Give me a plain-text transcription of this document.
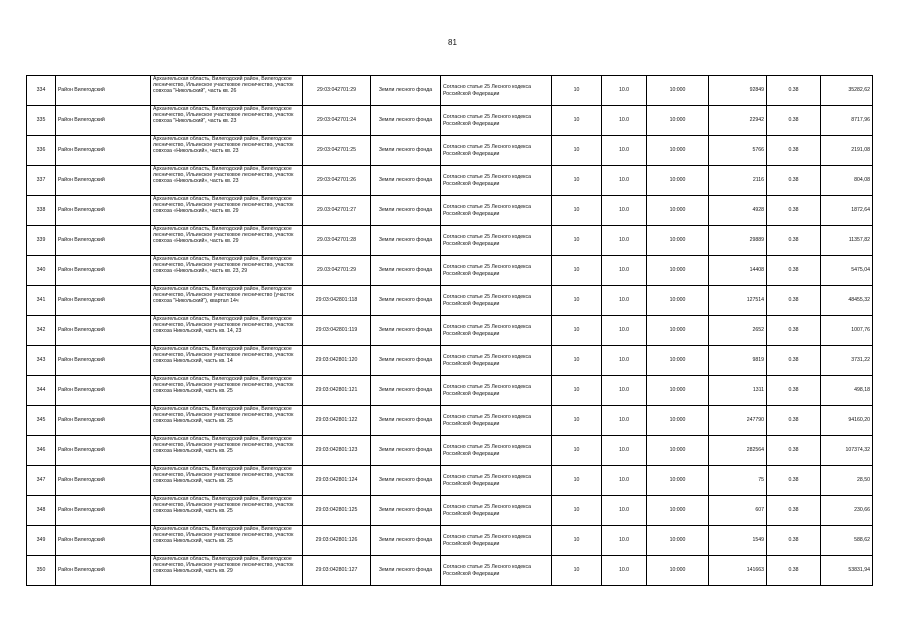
81
334	Район Вилегодский	Архангельская область, Вилегодский район, Вилегодское лесничество, Ильинское участковое лесничество, участок совхоза "Никольский", часть кв. 26	29:03:042701:29	Земли лесного фонда	Согласно статье 25 Лесного кодекса Российской Федерации	10	10.0	10:000	92849	0.38	35282,62
335	Район Вилегодский	Архангельская область, Вилегодский район, Вилегодское лесничество, Ильинское участковое лесничество, участок совхоза "Никольский", часть кв. 23	29:03:042701:24	Земли лесного фонда	Согласно статье 25 Лесного кодекса Российской Федерации	10	10.0	10:000	22942	0.38	8717,96
336	Район Вилегодский	Архангельская область, Вилегодский район, Вилегодское лесничество, Ильинское участковое лесничество, участок совхоза «Никольский», часть кв. 23	29:03:042701:25	Земли лесного фонда	Согласно статье 25 Лесного кодекса Российской Федерации	10	10.0	10:000	5766	0.38	2191,08
337	Район Вилегодский	Архангельская область, Вилегодский район, Вилегодское лесничество, Ильинское участковое лесничество, участок совхоза «Никольский», часть кв. 23	29:03:042701:26	Земли лесного фонда	Согласно статье 25 Лесного кодекса Российской Федерации	10	10.0	10:000	2116	0.38	804,08
338	Район Вилегодский	Архангельская область, Вилегодский район, Вилегодское лесничество, Ильинское участковое лесничество, участок совхоза «Никольский», часть кв. 29	29.03:042701:27	Земли лесного фонда	Согласно статье 25 Лесного кодекса Российской Федерации	10	10.0	10:000	4928	0.38	1872,64
339	Район Вилегодский	Архангельская область, Вилегодский район, Вилегодское лесничество, Ильинское участковое лесничество, участок совхоза «Никольский», часть кв. 29	29.03:042701:28	Земли лесного фонда	Согласно статье 25 Лесного кодекса Российской Федерации	10	10.0	10:000	29889	0.38	11357,82
340	Район Вилегодский	Архангельская область, Вилегодский район, Вилегодское лесничество, Ильинское участковое лесничество, участок совхоза «Никольский», часть кв. 23, 29	29.03:042701:29	Земли лесного фонда	Согласно статье 25 Лесного кодекса Российской Федерации	10	10.0	10:000	14408	0.38	5475,04
341	Район Вилегодский	Архангельская область, Вилегодский район, Вилегодское лесничество, Ильинское участковое лесничество (участок совхоза "Никольский"), квартал 14ч	29:03:042801:118	Земли лесного фонда	Согласно статье 25 Лесного кодекса Российской Федерации	10	10.0	10:000	127514	0.38	48455,32
342	Район Вилегодский	Архангельская область, Вилегодский район, Вилегодское лесничество, Ильинское участковое лесничество, участок совхоза Никольский, часть кв. 14, 23	29:03:042801:119	Земли лесного фонда	Согласно статье 25 Лесного кодекса Российской Федерации	10	10.0	10:000	2652	0.38	1007,76
343	Район Вилегодский	Архангельская область, Вилегодский район, Вилегодское лесничество, Ильинское участковое лесничество, участок совхоза Никольский, часть кв. 14	29:03:042801:120	Земли лесного фонда	Согласно статье 25 Лесного кодекса Российской Федерации	10	10.0	10:000	9819	0.38	3731,22
344	Район Вилегодский	Архангельская область, Вилегодский район, Вилегодское лесничество, Ильинское участковое лесничество, участок совхоза Никольский, часть кв. 25	29:03:042801:121	Земли лесного фонда	Согласно статье 25 Лесного кодекса Российской Федерации	10	10.0	10:000	1311	0.38	498,18
345	Район Вилегодский	Архангельская область, Вилегодский район, Вилегодское лесничество, Ильинское участковое лесничество, участок совхоза Никольский, часть кв. 25	29:03:042801:122	Земли лесного фонда	Согласно статье 25 Лесного кодекса Российской Федерации	10	10.0	10:000	247790	0.38	94160,20
346	Район Вилегодский	Архангельская область, Вилегодский район, Вилегодское лесничество, Ильинское участковое лесничество, участок совхоза Никольский, часть кв. 25	29:03:042801:123	Земли лесного фонда	Согласно статье 25 Лесного кодекса Российской Федерации	10	10.0	10:000	282564	0.38	107374,32
347	Район Вилегодский	Архангельская область, Вилегодский район, Вилегодское лесничество, Ильинское участковое лесничество, участок совхоза Никольский, часть кв. 25	29:03:042801:124	Земли лесного фонда	Согласно статье 25 Лесного кодекса Российской Федерации	10	10.0	10:000	75	0.38	28,50
348	Район Вилегодский	Архангельская область, Вилегодский район, Вилегодское лесничество, Ильинское участковое лесничество, участок совхоза Никольский, часть кв. 25	29:03:042801:125	Земли лесного фонда	Согласно статье 25 Лесного кодекса Российской Федерации	10	10.0	10:000	607	0.38	230,66
349	Район Вилегодский	Архангельская область, Вилегодский район, Вилегодское лесничество, Ильинское участковое лесничество, участок совхоза Никольский, часть кв. 25	29:03:042801:126	Земли лесного фонда	Согласно статье 25 Лесного кодекса Российской Федерации	10	10.0	10:000	1549	0.38	588,62
350	Район Вилегодский	Архангельская область, Вилегодский район, Вилегодское лесничество, Ильинское участковое лесничество, участок совхоза Никольский, часть кв. 29	29:03:042801:127	Земли лесного фонда	Согласно статье 25 Лесного кодекса Российской Федерации	10	10.0	10:000	141663	0.38	53831,94
